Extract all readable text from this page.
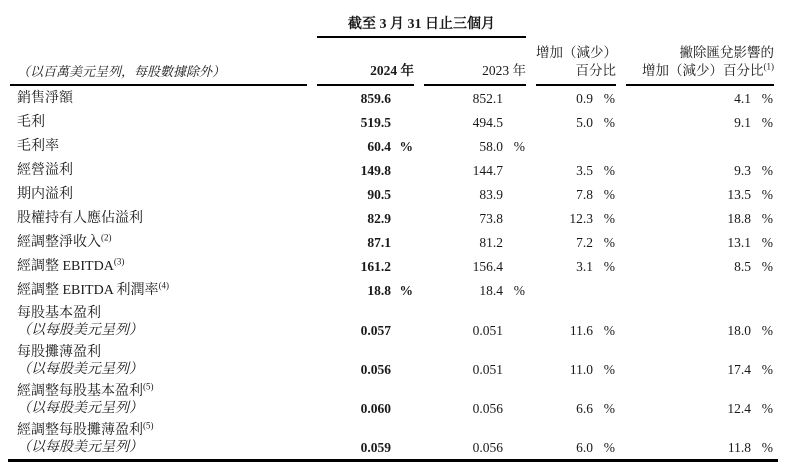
	截至 3 月 31 日止三個月			
（以百萬美元呈列，每股數據除外）	2024 年	2023 年

增加（減少）
百分比

撇除匯兌影響的
增加（減少）百分比$^{(1)}$

銷售淨額	859.6	852.1	0.9 %	4.1 %

毛利	519.5	494.5	5.0 %	9.1 %

毛利率	60.4 %	58.0 %		

經營溢利	149.8	144.7	3.5 %	9.3 %

期内溢利	90.5	83.9	7.8 %	13.5 %

股權持有人應佔溢利	82.9	73.8	12.3 %	18.8 %

經調整淨收入$^{(2)}$	87.1	81.2	7.2 %	13.1 %

經調整 EBITDA$^{(3)}$	161.2	156.4	3.1 %	8.5 %

經調整 EBITDA 利潤率$^{(4)}$	18.8 %	18.4 %		

每股基本盈利
（以每股美元呈列）	0.057	0.051	11.6 %	18.0 %

每股攤薄盈利
（以每股美元呈列）	0.056	0.051	11.0 %	17.4 %

經調整每股基本盈利$^{(5)}$
（以每股美元呈列）	0.060	0.056	6.6 %	12.4 %

經調整每股攤薄盈利$^{(5)}$
（以每股美元呈列）	0.059	0.056	6.0 %	11.8 %
